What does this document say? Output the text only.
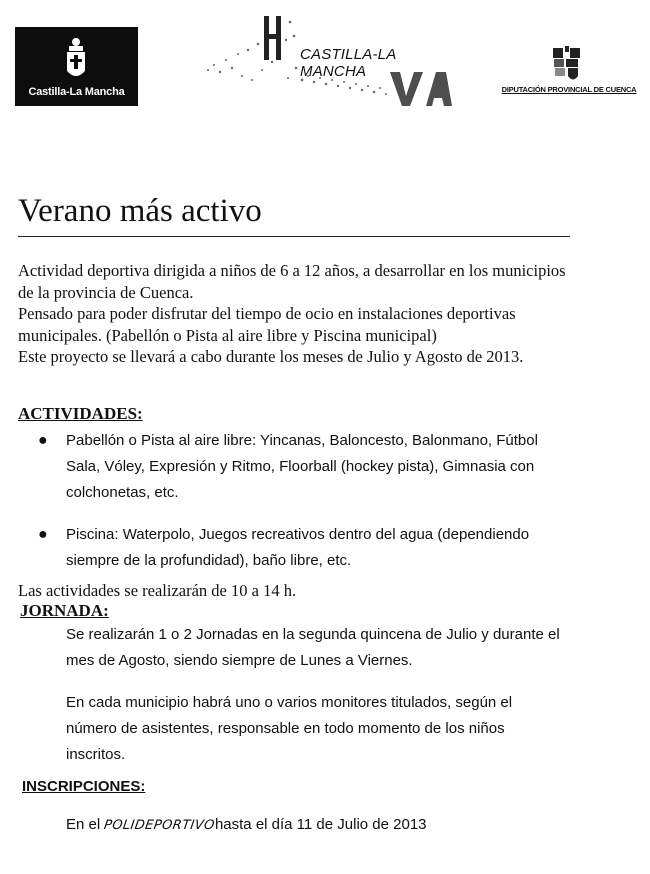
Castilla-La Mancha
CASTILLA-LA MANCHA
DIPUTACIÓN PROVINCIAL DE CUENCA
Verano más activo

Actividad deportiva dirigida a niños de 6 a 12 años, a desarrollar en los municipios de la provincia de Cuenca.

Pensado para poder disfrutar del tiempo de ocio en instalaciones deportivas municipales. (Pabellón o Pista al aire libre y Piscina municipal)

Este proyecto se llevará a cabo durante los meses de Julio y Agosto de 2013.

ACTIVIDADES:
● Pabellón o Pista al aire libre: Yincanas, Baloncesto, Balonmano, Fútbol Sala, Vóley, Expresión y Ritmo, Floorball (hockey pista), Gimnasia con colchonetas, etc.
● Piscina: Waterpolo, Juegos recreativos dentro del agua (dependiendo siempre de la profundidad), baño libre, etc.
Las actividades se realizarán de 10 a 14 h.
JORNADA:

Se realizarán 1 o 2 Jornadas en la segunda quincena de Julio y durante el mes de Agosto, siendo siempre de Lunes a Viernes.

En cada municipio habrá uno o varios monitores titulados, según el número de asistentes, responsable en todo momento de los niños inscritos.

INSCRIPCIONES:
En el POLIDEPORTIVOhasta el día 11 de Julio de 2013
